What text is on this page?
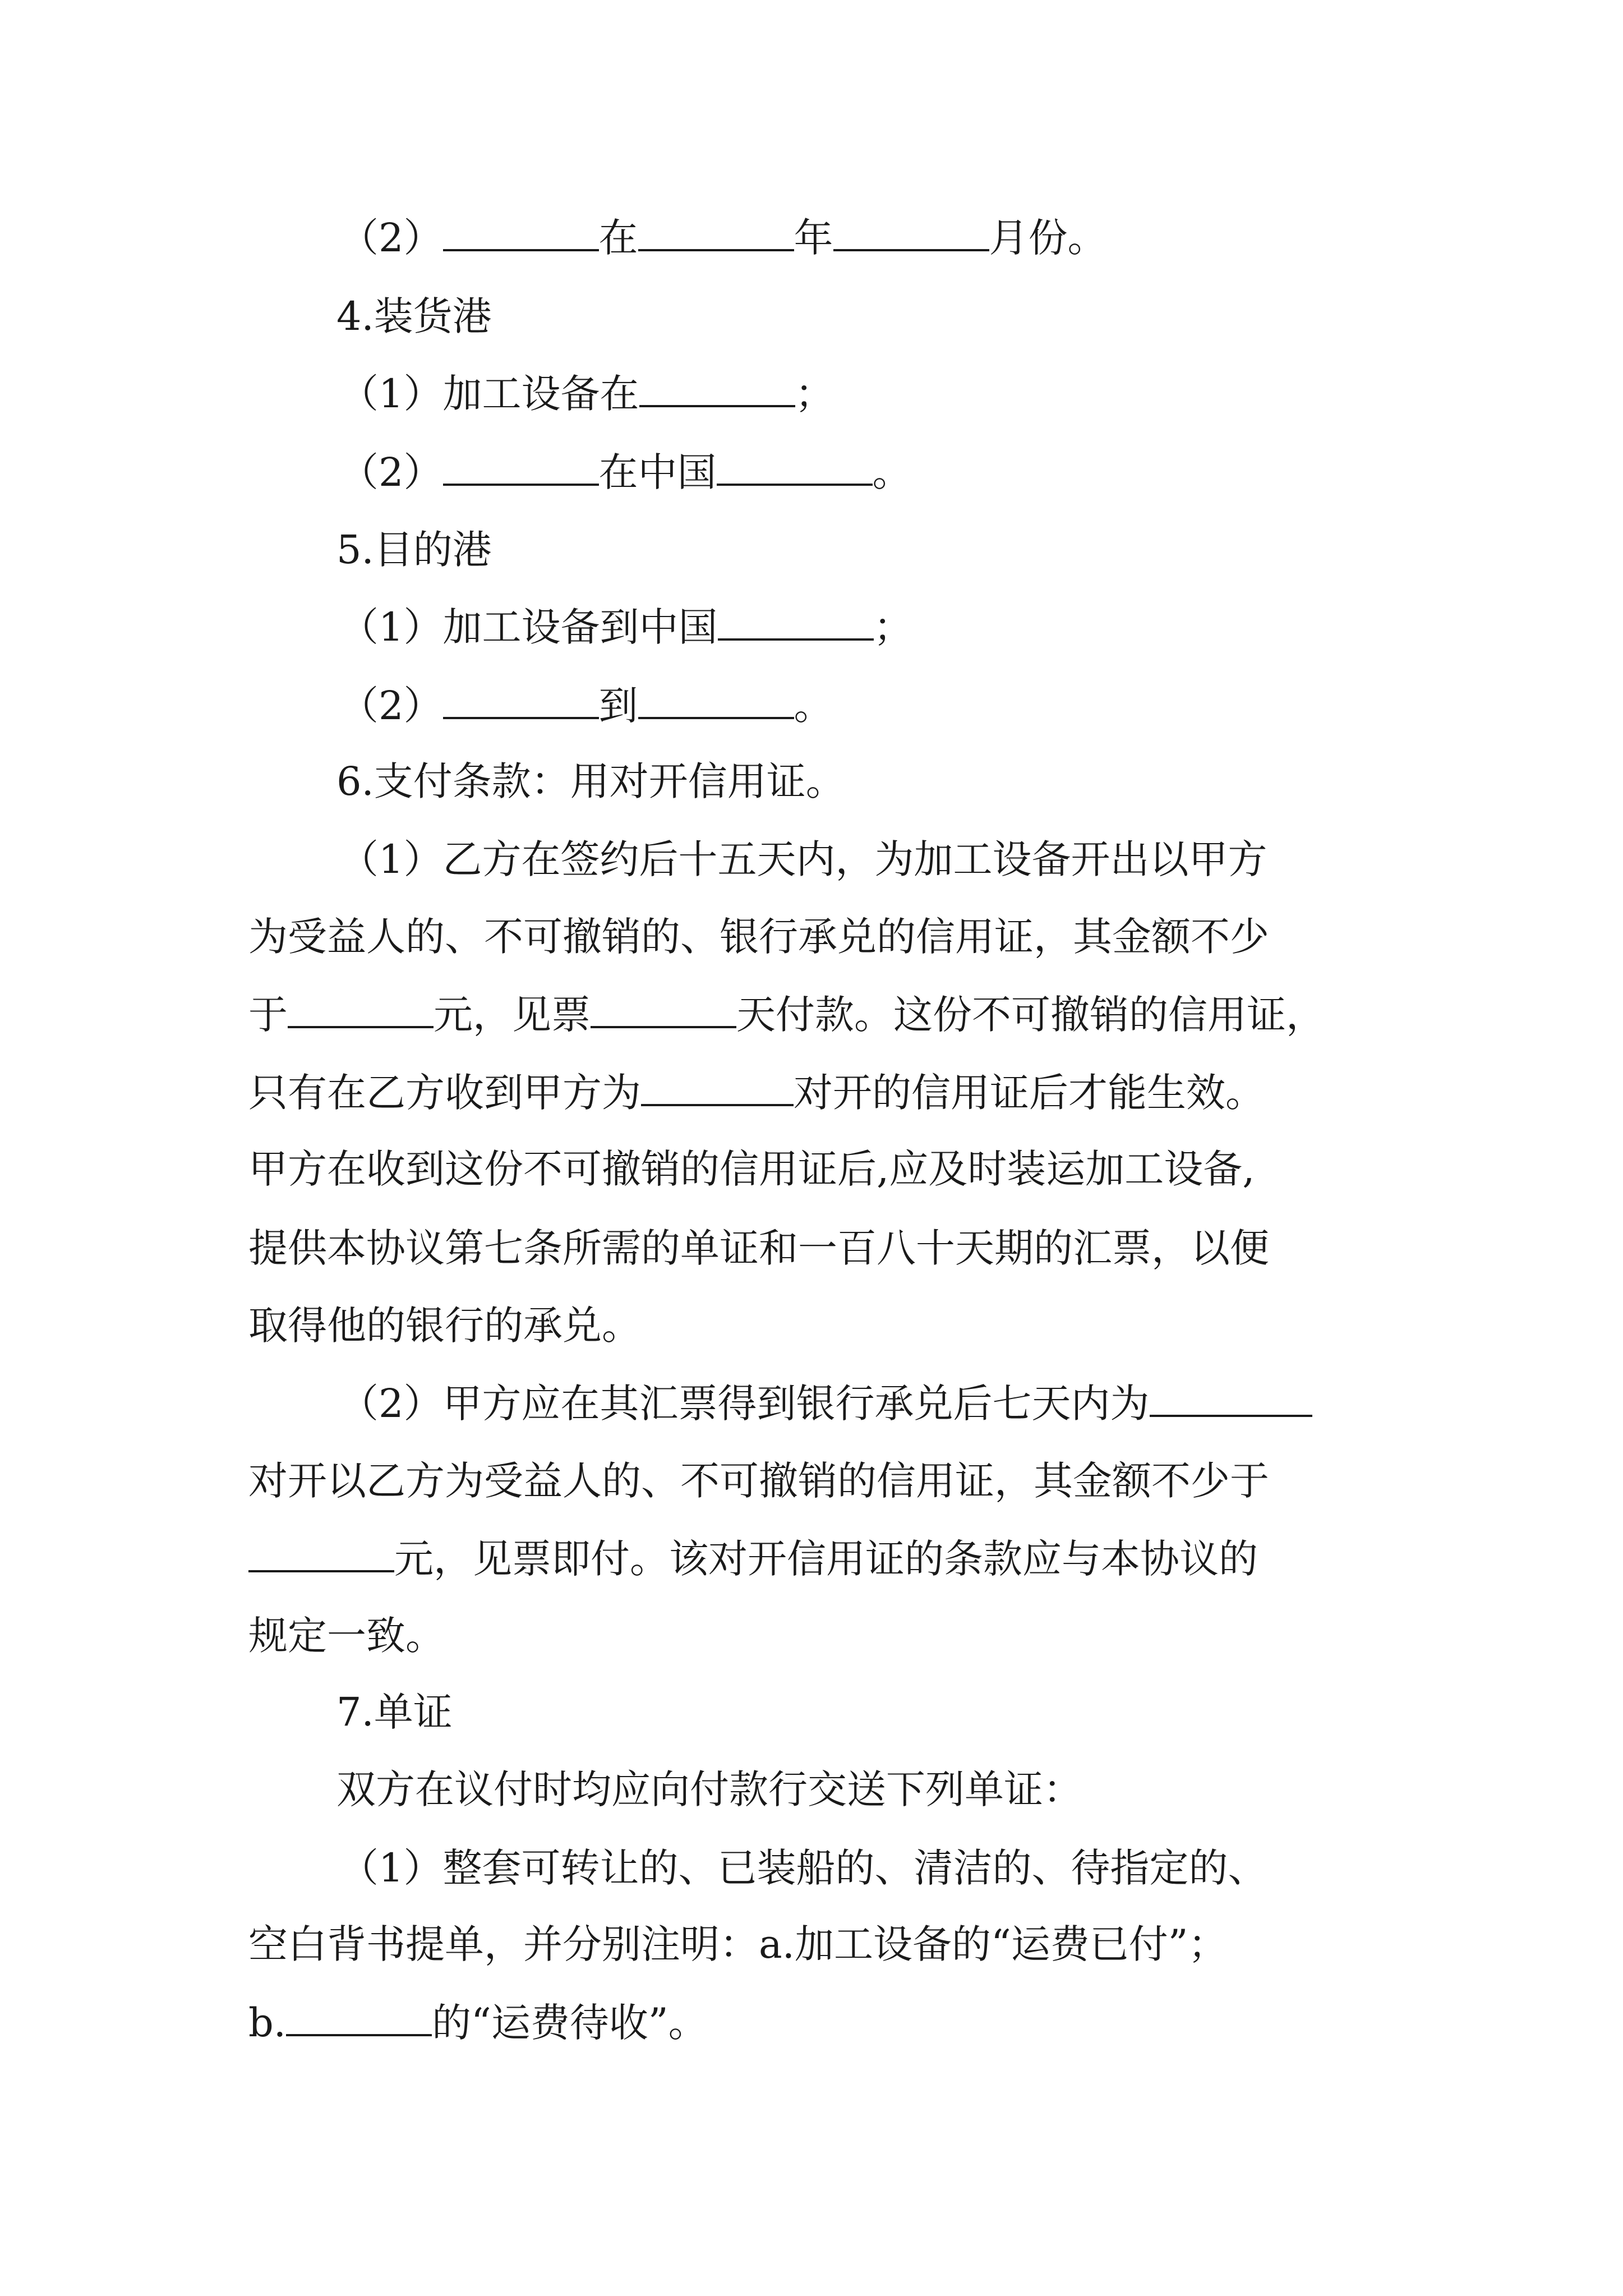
（2）	在	年	月份。
4.装货港
（1）加工设备在	；
（2）	在中国	。
5.目的港
（1）加工设备到中国	；
（2）	到	。
6.支付条款：用对开信用证。
（1）乙方在签约后十五天内，为加工设备开出以甲方
为受益人的、不可撤销的、银行承兑的信用证，其金额不少
于	元，见票	天付款。这份不可撤销的信用证，
只有在乙方收到甲方为	对开的信用证后才能生效。
甲方在收到这份不可撤销的信用证后,应及时装运加工设备,
提供本协议第七条所需的单证和一百八十天期的汇票，以便
取得他的银行的承兑。
（2）甲方应在其汇票得到银行承兑后七天内为
对开以乙方为受益人的、不可撤销的信用证，其金额不少于
元，见票即付。该对开信用证的条款应与本协议的
规定一致。
7.单证
双方在议付时均应向付款行交送下列单证：
（1）整套可转让的、已装船的、清洁的、待指定的、
空白背书提单，并分别注明：a.加工设备的“运费已付”；
b.	的“运费待收”。
